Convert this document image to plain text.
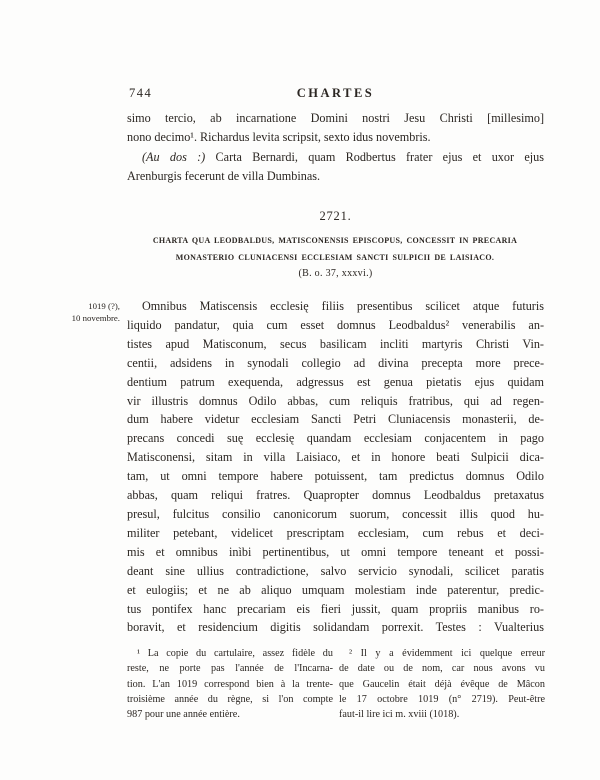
744	CHARTES
simo tercio, ab incarnatione Domini nostri Jesu Christi [millesimo]
nono decimo¹. Richardus levita scripsit, sexto idus novembris.
(Au dos :) Carta Bernardi, quam Rodbertus frater ejus et uxor ejus
Arenburgis fecerunt de villa Dumbinas.
2721.
CHARTA QUA LEODBALDUS, MATISCONENSIS EPISCOPUS, CONCESSIT IN PRECARIA
MONASTERIO CLUNIACENSI ECCLESIAM SANCTI SULPICII DE LAISIACO.
(B. o. 37, xxxvi.)
1019 (?),
10 novembre.
Omnibus Matiscensis ecclesię filiis presentibus scilicet atque futuris
liquido pandatur, quia cum esset domnus Leodbaldus² venerabilis an-
tistes apud Matisconum, secus basilicam incliti martyris Christi Vin-
centii, adsidens in synodali collegio ad divina precepta more prece-
dentium patrum exequenda, adgressus est genua pietatis ejus quidam
vir illustris domnus Odilo abbas, cum reliquis fratribus, qui ad regen-
dum habere videtur ecclesiam Sancti Petri Cluniacensis monasterii, de-
precans concedi suę ecclesię quandam ecclesiam conjacentem in pago
Matisconensi, sitam in villa Laisiaco, et in honore beati Sulpicii dica-
tam, ut omni tempore habere potuissent, tam predictus domnus Odilo
abbas, quam reliqui fratres. Quapropter domnus Leodbaldus pretaxatus
presul, fulcitus consilio canonicorum suorum, concessit illis quod hu-
militer petebant, videlicet prescriptam ecclesiam, cum rebus et deci-
mis et omnibus inìbi pertinentibus, ut omni tempore teneant et possi-
deant sine ullius contradictione, salvo servicio synodali, scilicet paratis
et eulogiis; et ne ab aliquo umquam molestiam inde paterentur, predic-
tus pontifex hanc precariam eis fieri jussit, quam propriis manibus ro-
boravit, et residencium digitis solidandam porrexit. Testes : Vualterius
¹ La copie du cartulaire, assez fidèle du
reste, ne porte pas l'année de l'Incarna-
tion. L'an 1019 correspond bien à la trente-
troisième année du règne, si l'on compte
987 pour une année entière.
² Il y a évidemment ici quelque erreur
de date ou de nom, car nous avons vu
que Gaucelin était déjà évêque de Mâcon
le 17 octobre 1019 (n° 2719). Peut-être
faut-il lire ici m. xviii (1018).
